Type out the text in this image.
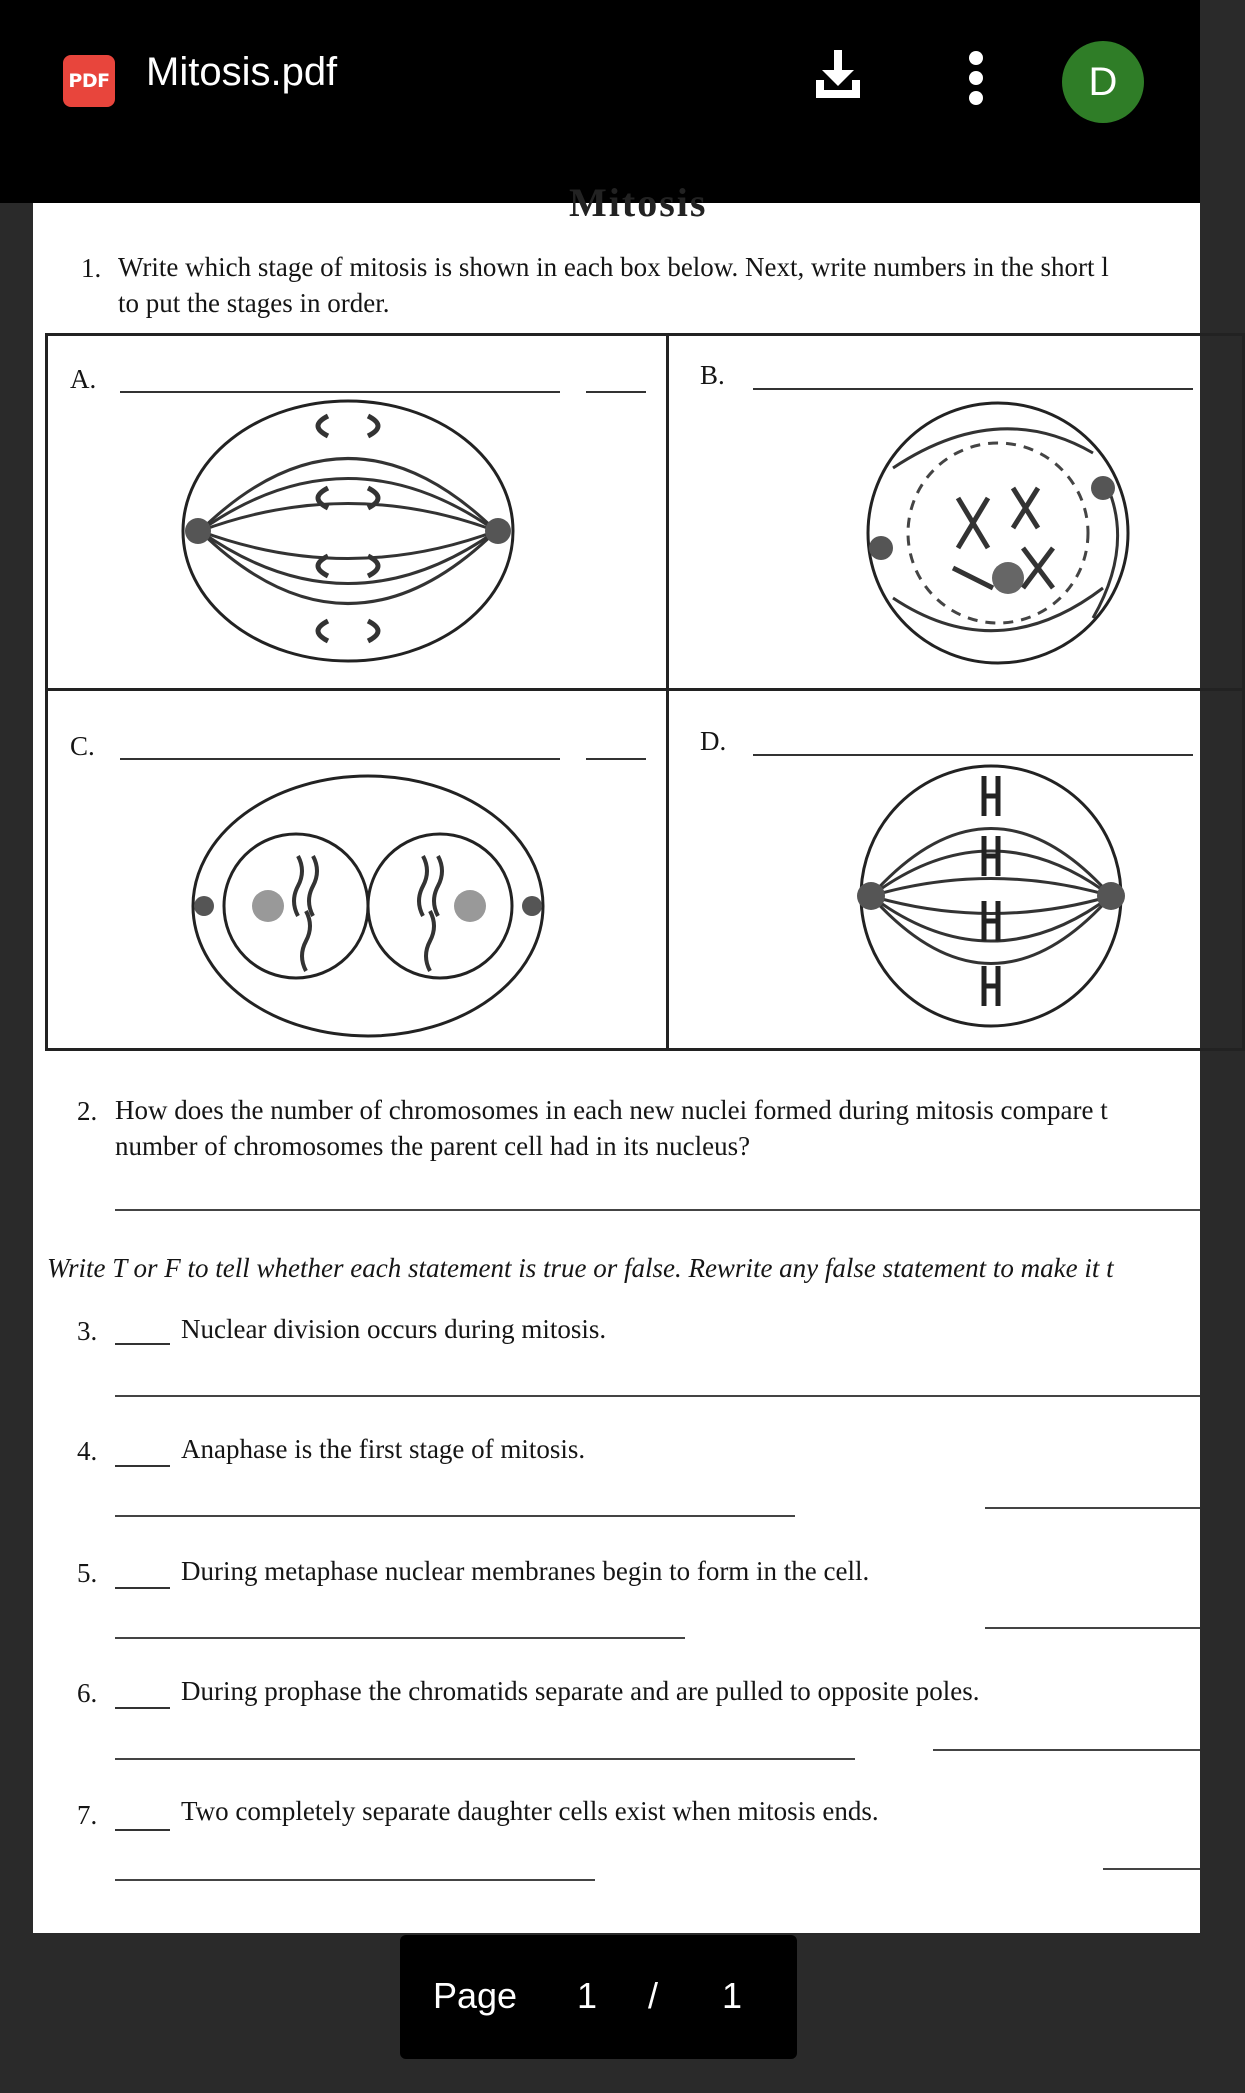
PDF Mitosis.pdf	D
Mitosis
1. Write which stage of mitosis is shown in each box below. Next, write numbers in the short l
to put the stages in order.
A.	B.
C.	D.
2. How does the number of chromosomes in each new nuclei formed during mitosis compare t
number of chromosomes the parent cell had in its nucleus?
Write T or F to tell whether each statement is true or false. Rewrite any false statement to make it t
3.	Nuclear division occurs during mitosis.
4.	Anaphase is the first stage of mitosis.
5.	During metaphase nuclear membranes begin to form in the cell.
6.	During prophase the chromatids separate and are pulled to opposite poles.
7.	Two completely separate daughter cells exist when mitosis ends.
Page 1 / 1
